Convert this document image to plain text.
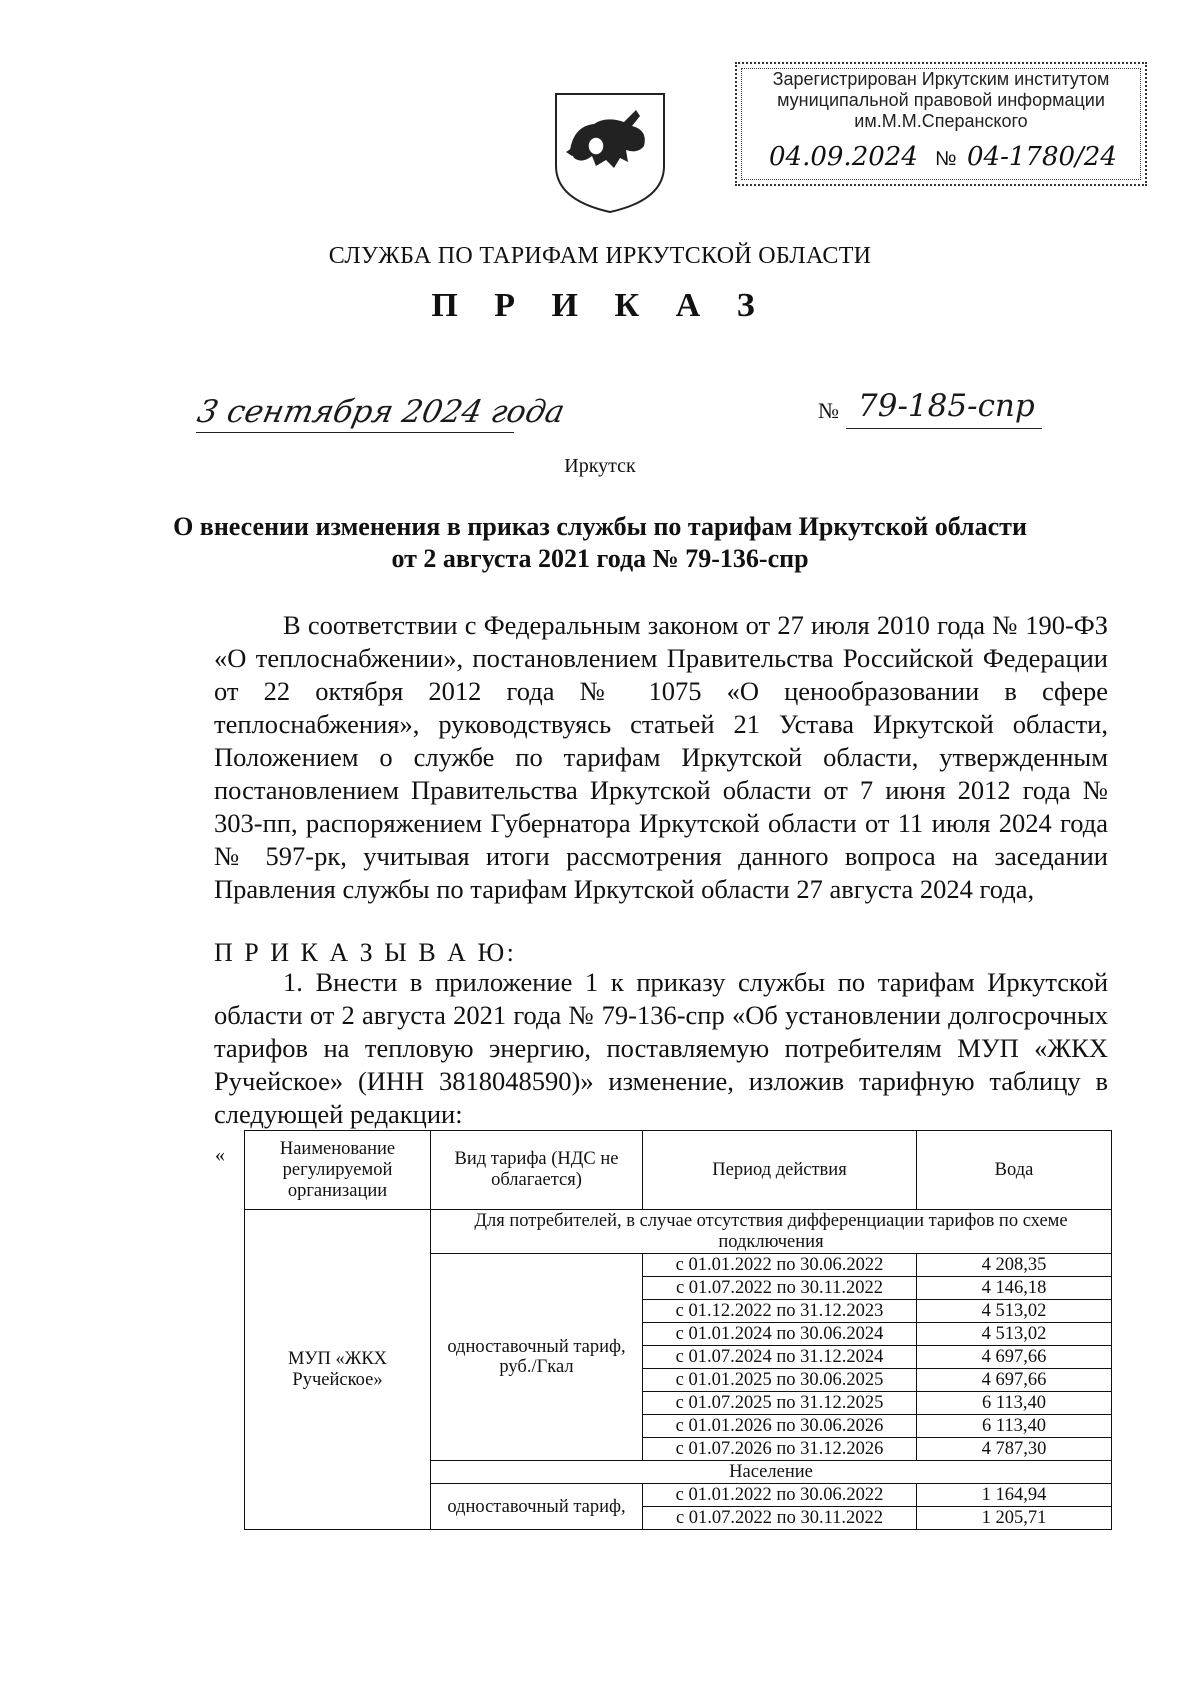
Зарегистрирован Иркутским институтом
муниципальной правовой информации
им.М.М.Сперанского
04.09.2024 № 04-1780/24
СЛУЖБА ПО ТАРИФАМ ИРКУТСКОЙ ОБЛАСТИ
П Р И К А З
3 сентября 2024 года	№ 79-185-спр
Иркутск
О внесении изменения в приказ службы по тарифам Иркутской области
от 2 августа 2021 года № 79-136-спр

В соответствии с Федеральным законом от 27 июля 2010 года № 190-ФЗ «О теплоснабжении», постановлением Правительства Российской Федерации от 22 октября 2012 года № 1075 «О ценообразовании в сфере теплоснабжения», руководствуясь статьей 21 Устава Иркутской области, Положением о службе по тарифам Иркутской области, утвержденным постановлением Правительства Иркутской области от 7 июня 2012 года № 303-пп, распоряжением Губернатора Иркутской области от 11 июля 2024 года № 597-рк, учитывая итоги рассмотрения данного вопроса на заседании Правления службы по тарифам Иркутской области 27 августа 2024 года,

П Р И К А З Ы В А Ю:

1. Внести в приложение 1 к приказу службы по тарифам Иркутской области от 2 августа 2021 года № 79-136-спр «Об установлении долгосрочных тарифов на тепловую энергию, поставляемую потребителям МУП «ЖКХ Ручейское» (ИНН 3818048590)» изменение, изложив тарифную таблицу в следующей редакции:

«	Наименование регулируемой организации	Вид тарифа (НДС не облагается)	Период действия	Вода
МУП «ЖКХ Ручейское»	Для потребителей, в случае отсутствия дифференциации тарифов по схеме подключения		
	одноставочный тариф, руб./Гкал	с 01.01.2022 по 30.06.2022	4 208,35
		с 01.07.2022 по 30.11.2022	4 146,18
		с 01.12.2022 по 31.12.2023	4 513,02
		с 01.01.2024 по 30.06.2024	4 513,02
		с 01.07.2024 по 31.12.2024	4 697,66
		с 01.01.2025 по 30.06.2025	4 697,66
		с 01.07.2025 по 31.12.2025	6 113,40
		с 01.01.2026 по 30.06.2026	6 113,40
		с 01.07.2026 по 31.12.2026	4 787,30
	Население		
	одноставочный тариф,	с 01.01.2022 по 30.06.2022	1 164,94
		с 01.07.2022 по 30.11.2022	1 205,71
